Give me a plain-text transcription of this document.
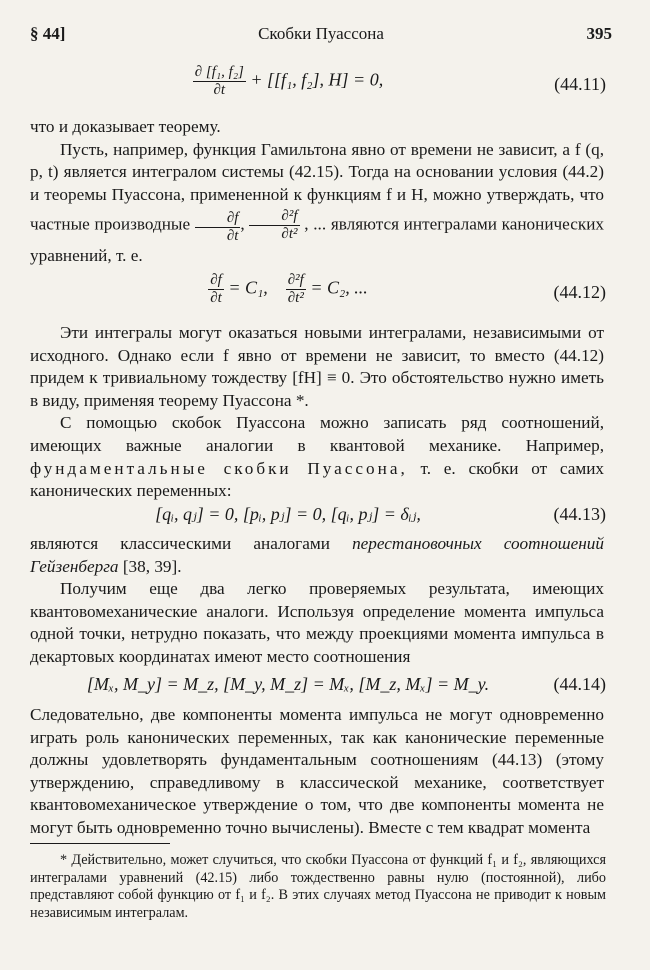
§ 44]	Скобки Пуассона	395
$\frac{\text{∂ [f₁, f₂]}}{\partial t} + [[f_1$, f₂], H] = 0,	(44.11)

что и доказывает теорему.

Пусть, например, функция Гамильтона явно от времени не зависит, а f (q, p, t) является интегралом системы (42.15). Тогда на основании условия (44.2) и теоремы Пуассона, примененной к функциям f и H, можно утверждать, что частные производные $\frac{\partial f}{\partial t}$ , $\frac{\text{∂²f}}{\text{∂t²}}$ , ... являются интегралами канонических уравнений, т. е.

$\frac{\partial f}{\partial t} = C_1$, $\frac{\text{∂²f}}{\text{∂t²}} = C_2$, ...	(44.12)

Эти интегралы могут оказаться новыми интегралами, независимыми от исходного. Однако если f явно от времени не зависит, то вместо (44.12) придем к тривиальному тождеству [fH] ≡ 0. Это обстоятельство нужно иметь в виду, применяя теорему Пуассона *.

С помощью скобок Пуассона можно записать ряд соотношений, имеющих важные аналогии в квантовой механике. Например, фундаментальные скобки Пуассона, т. е. скобки от самих канонических переменных:

[qᵢ, qⱼ] = 0, [pᵢ, pⱼ] = 0, [qᵢ, pⱼ] = δᵢⱼ,	(44.13)

являются классическими аналогами перестановочных соотношений Гейзенберга [38, 39].

Получим еще два легко проверяемых результата, имеющих квантовомеханические аналоги. Используя определение момента импульса одной точки, нетрудно показать, что между проекциями момента импульса в декартовых координатах имеют место соотношения

[Mₓ, M_y] = M_z, [M_y, M_z] = Mₓ, [M_z, Mₓ] = M_y.	(44.14)

Следовательно, две компоненты момента импульса не могут одновременно играть роль канонических переменных, так как канонические переменные должны удовлетворять фундаментальным соотношениям (44.13) (этому утверждению, справедливому в классической механике, соответствует квантовомеханическое утверждение о том, что две компоненты момента не могут быть одновременно точно вычислены). Вместе с тем квадрат момента

* Действительно, может случиться, что скобки Пуассона от функций f₁ и f₂, являющихся интегралами уравнений (42.15) либо тождественно равны нулю (постоянной), либо представляют собой функцию от f₁ и f₂. В этих случаях метод Пуассона не приводит к новым независимым интегралам.
